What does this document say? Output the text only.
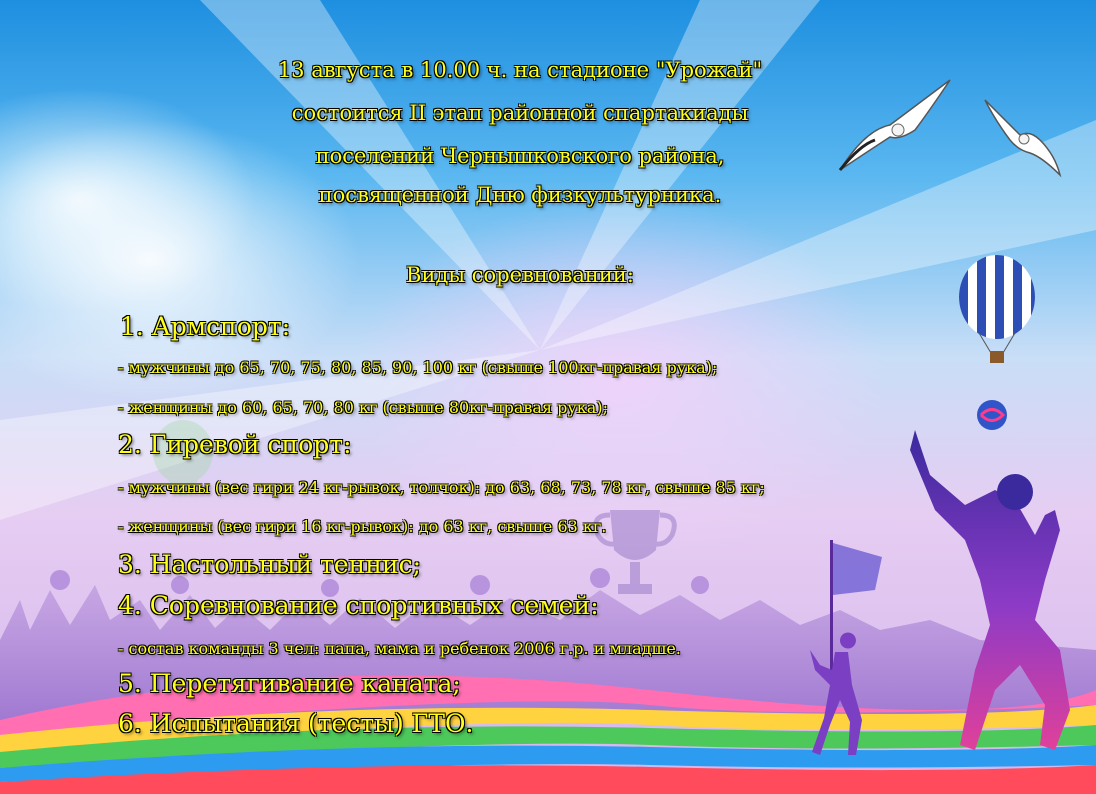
13 августа в 10.00 ч. на стадионе "Урожай"
состоится II этап районной спартакиады
поселений Чернышковского района,
посвященной Дню физкультурника.
Виды соревнований:
1. Армспорт:
- мужчины до 65, 70, 75, 80, 85, 90, 100 кг (свыше 100кг-правая рука);
- женщины до 60, 65, 70, 80 кг (свыше 80кг-правая рука);
2. Гиревой спорт:
- мужчины (вес гири 24 кг-рывок, толчок): до 63, 68, 73, 78 кг, свыше 85 кг;
- женщины (вес гири 16 кг-рывок): до 63 кг, свыше 63 кг.
3. Настольный теннис;
4. Соревнование спортивных семей:
- состав команды 3 чел: папа, мама и ребенок 2006 г.р. и младше.
5. Перетягивание каната;
6. Испытания (тесты) ГТО.
